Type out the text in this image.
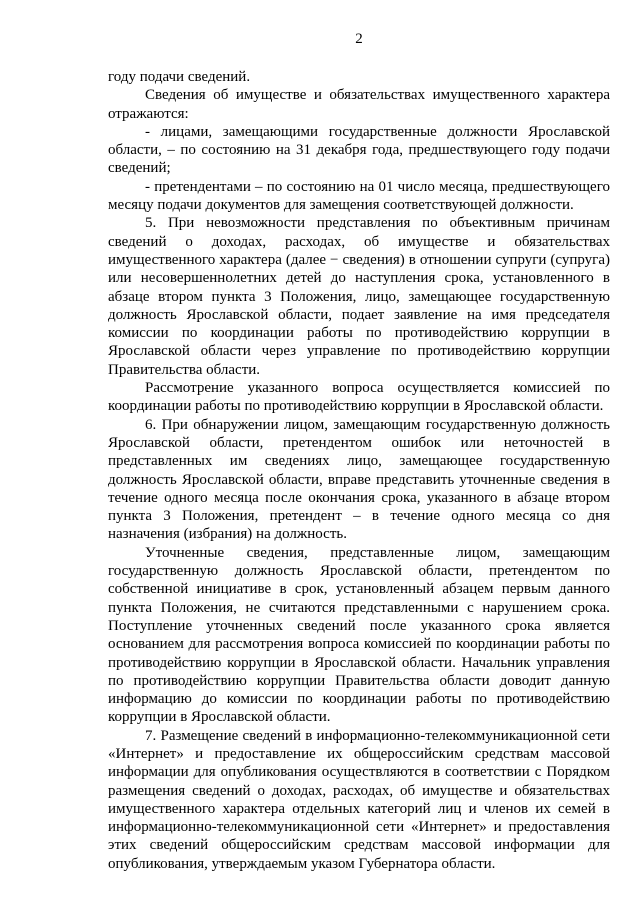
2

году подачи сведений.

Сведения об имуществе и обязательствах имущественного характера отражаются:

- лицами, замещающими государственные должности Ярославской области, – по состоянию на 31 декабря года, предшествующего году подачи сведений;

- претендентами – по состоянию на 01 число месяца, предшествующего месяцу подачи документов для замещения соответствующей должности.

5. При невозможности представления по объективным причинам сведений о доходах, расходах, об имуществе и обязательствах имущественного характера (далее − сведения) в отношении супруги (супруга) или несовершеннолетних детей до наступления срока, установленного в абзаце втором пункта 3 Положения, лицо, замещающее государственную должность Ярославской области, подает заявление на имя председателя комиссии по координации работы по противодействию коррупции в Ярославской области через управление по противодействию коррупции Правительства области.

Рассмотрение указанного вопроса осуществляется комиссией по координации работы по противодействию коррупции в Ярославской области.

6. При обнаружении лицом, замещающим государственную должность Ярославской области, претендентом ошибок или неточностей в представленных им сведениях лицо, замещающее государственную должность Ярославской области, вправе представить уточненные сведения в течение одного месяца после окончания срока, указанного в абзаце втором пункта 3 Положения, претендент – в течение одного месяца со дня назначения (избрания) на должность.

Уточненные сведения, представленные лицом, замещающим государственную должность Ярославской области, претендентом по собственной инициативе в срок, установленный абзацем первым данного пункта Положения, не считаются представленными с нарушением срока. Поступление уточненных сведений после указанного срока является основанием для рассмотрения вопроса комиссией по координации работы по противодействию коррупции в Ярославской области. Начальник управления по противодействию коррупции Правительства области доводит данную информацию до комиссии по координации работы по противодействию коррупции в Ярославской области.

7. Размещение сведений в информационно-телекоммуникационной сети «Интернет» и предоставление их общероссийским средствам массовой информации для опубликования осуществляются в соответствии с Порядком размещения сведений о доходах, расходах, об имуществе и обязательствах имущественного характера отдельных категорий лиц и членов их семей в информационно-телекоммуникационной сети «Интернет» и предоставления этих сведений общероссийским средствам массовой информации для опубликования, утверждаемым указом Губернатора области.
